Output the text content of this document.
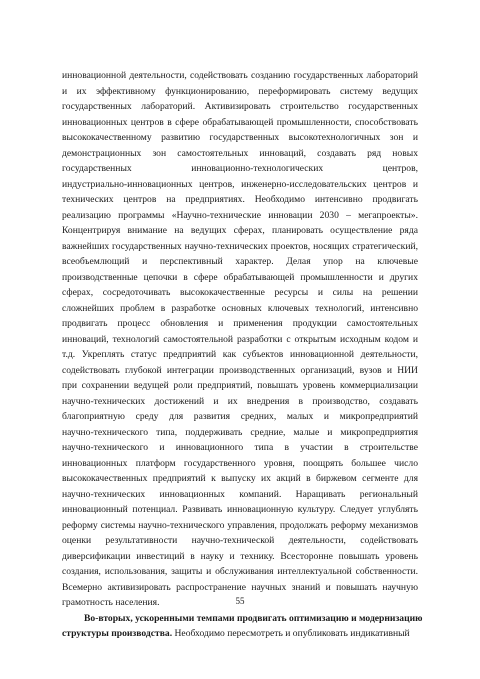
инновационной деятельности, содействовать созданию государственных лабораторий
и их эффективному функционированию, переформировать систему ведущих
государственных лабораторий. Активизировать строительство государственных
инновационных центров в сфере обрабатывающей промышленности, способствовать
высококачественному развитию государственных высокотехнологичных зон и
демонстрационных зон самостоятельных инноваций, создавать ряд новых
государственных инновационно-технологических центров,
индустриально-инновационных центров, инженерно-исследовательских центров и
технических центров на предприятиях. Необходимо интенсивно продвигать
реализацию программы «Научно-технические инновации 2030 – мегапроекты».
Концентрируя внимание на ведущих сферах, планировать осуществление ряда
важнейших государственных научно-технических проектов, носящих стратегический,
всеобъемлющий и перспективный характер. Делая упор на ключевые
производственные цепочки в сфере обрабатывающей промышленности и других
сферах, сосредоточивать высококачественные ресурсы и силы на решении
сложнейших проблем в разработке основных ключевых технологий, интенсивно
продвигать процесс обновления и применения продукции самостоятельных
инноваций, технологий самостоятельной разработки с открытым исходным кодом и
т.д. Укреплять статус предприятий как субъектов инновационной деятельности,
содействовать глубокой интеграции производственных организаций, вузов и НИИ
при сохранении ведущей роли предприятий, повышать уровень коммерциализации
научно-технических достижений и их внедрения в производство, создавать
благоприятную среду для развития средних, малых и микропредприятий
научно-технического типа, поддерживать средние, малые и микропредприятия
научно-технического и инновационного типа в участии в строительстве
инновационных платформ государственного уровня, поощрять большее число
высококачественных предприятий к выпуску их акций в биржевом сегменте для
научно-технических инновационных компаний. Наращивать региональный
инновационный потенциал. Развивать инновационную культуру. Следует углублять
реформу системы научно-технического управления, продолжать реформу механизмов
оценки результативности научно-технической деятельности, содействовать
диверсификации инвестиций в науку и технику. Всесторонне повышать уровень
создания, использования, защиты и обслуживания интеллектуальной собственности.
Всемерно активизировать распространение научных знаний и повышать научную
грамотность населения.
Во-вторых, ускоренными темпами продвигать оптимизацию и модернизацию
структуры производства. Необходимо пересмотреть и опубликовать индикативный
55
